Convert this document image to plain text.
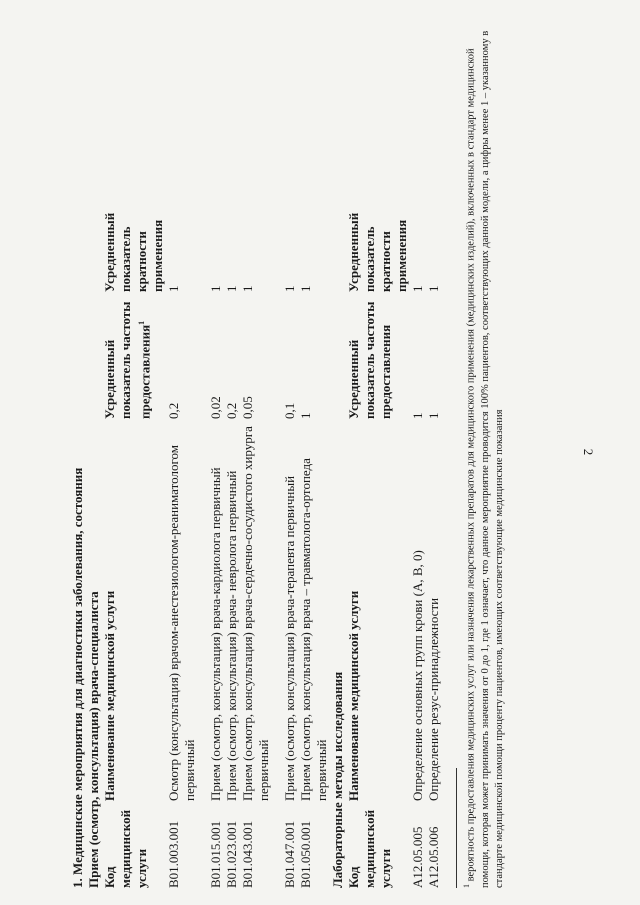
2
1. Медицинские мероприятия для диагностики заболевания, состояния Прием (осмотр, консультация) врача-специалиста Код медицинской услуги	Наименование медицинской услуги	Усредненный показатель частоты предоставления$^1$	Усредненный показатель кратности применения
B01.003.001	Осмотр (консультация) врачом-анестезиологом-реаниматологом первичный	0,2	1

B01.015.001	Прием (осмотр, консультация) врача-кардиолога первичный	0,02	1
B01.023.001	Прием (осмотр, консультация) врача- невролога первичный	0,2	1
B01.043.001	Прием (осмотр, консультация) врача-сердечно-сосудистого хирурга первичный	0,05	1

B01.047.001	Прием (осмотр, консультация) врача-терапевта первичный	0,1	1
B01.050.001	Прием (осмотр, консультация) врача – травматолога-ортопеда первичный	1	1
Лабораторные методы исследования Код медицинской услуги	Наименование медицинской услуги	Усредненный показатель частоты предоставления	Усредненный показатель кратности применения
A12.05.005	Определение основных групп крови (A, B, 0)	1	1
A12.05.006	Определение резус-принадлежности	1	1
$^1$ вероятность предоставления медицинских услуг или назначения лекарственных препаратов для медицинского применения (медицинских изделий), включенных в стандарт медицинской помощи, которая может принимать значения от 0 до 1, где 1 означает, что данное мероприятие проводится 100% пациентов, соответствующих данной модели, а цифры менее 1 – указанному в стандарте медицинской помощи проценту пациентов, имеющих соответствующие медицинские показания
